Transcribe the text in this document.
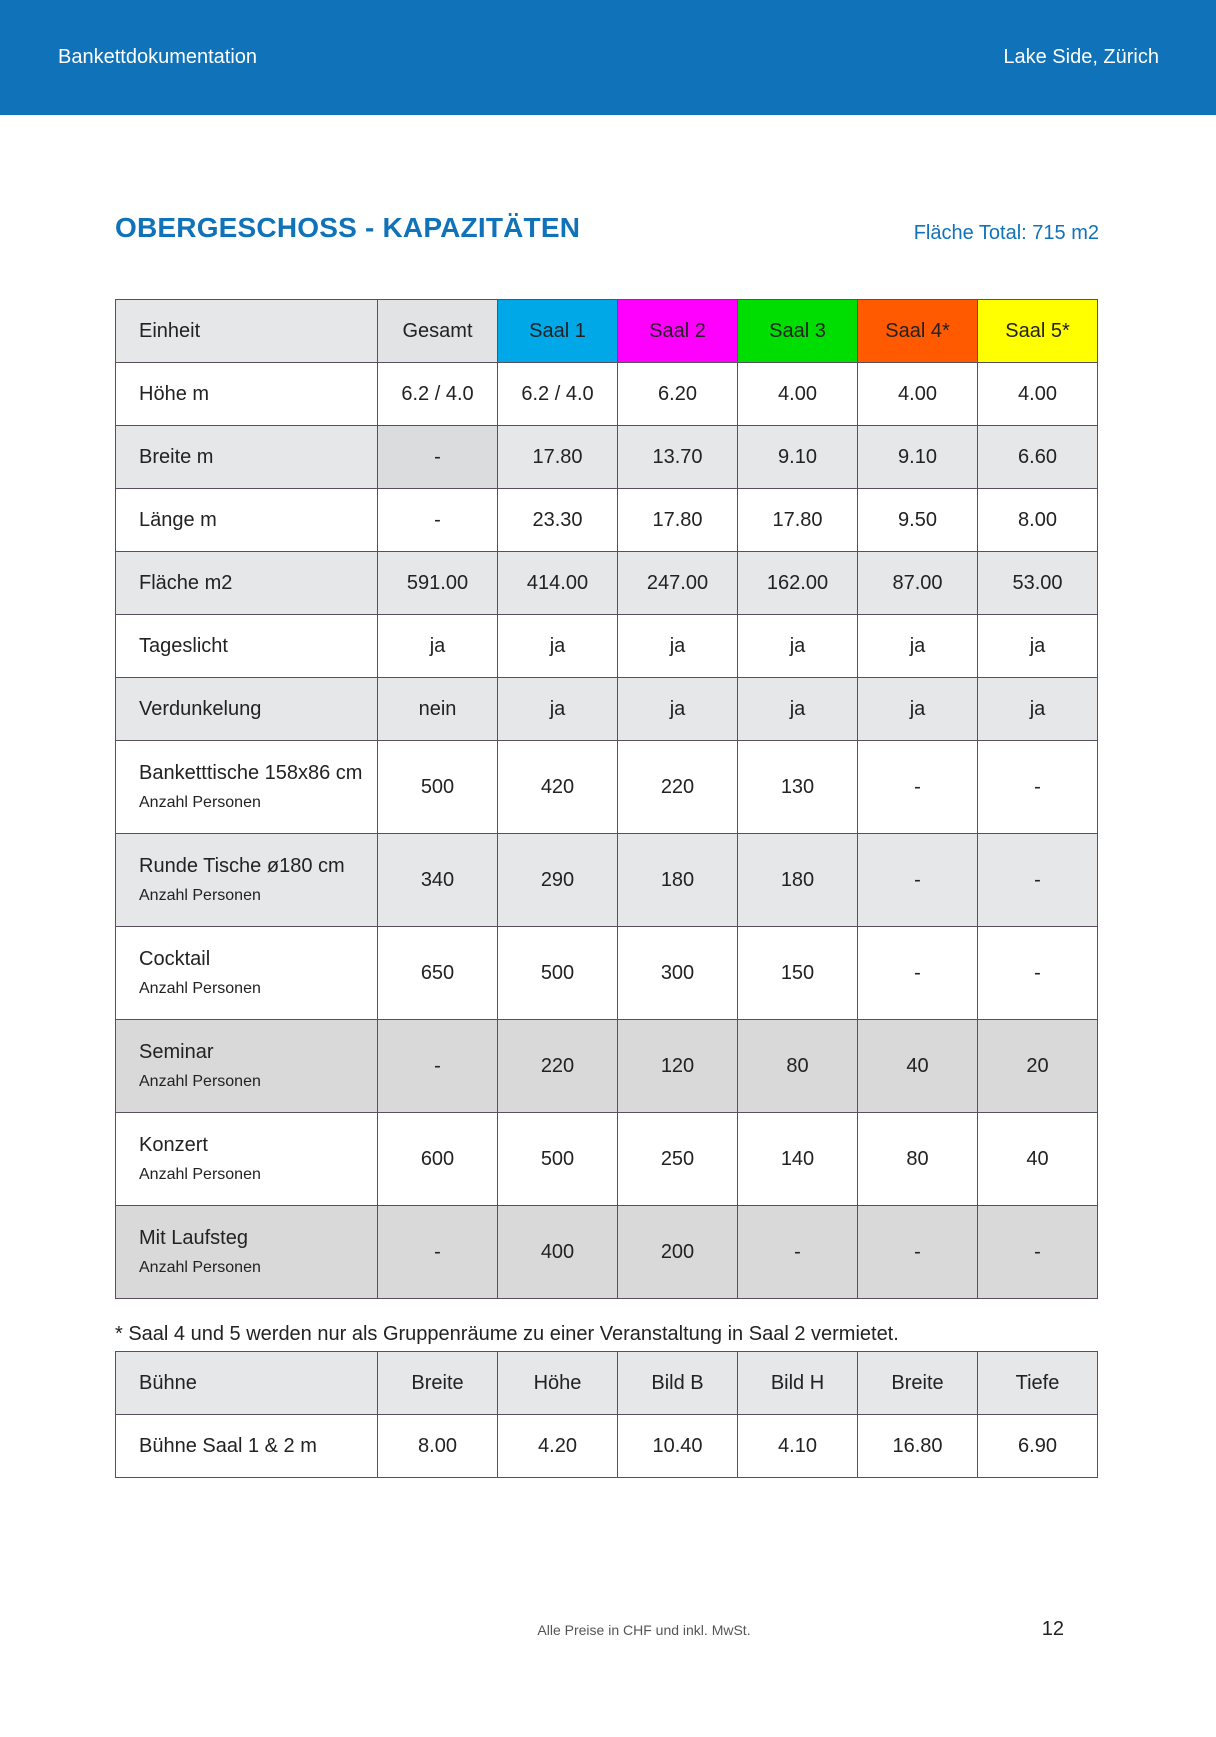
Bankettdokumentation	Lake Side, Zürich
OBERGESCHOSS - KAPAZITÄTEN	Fläche Total: 715 m2
Einheit	Gesamt	Saal 1	Saal 2	Saal 3	Saal 4*	Saal 5*
Höhe m	6.2 / 4.0	6.2 / 4.0	6.20	4.00	4.00	4.00
Breite m	-	17.80	13.70	9.10	9.10	6.60
Länge m	-	23.30	17.80	17.80	9.50	8.00
Fläche m2	591.00	414.00	247.00	162.00	87.00	53.00
Tageslicht	ja	ja	ja	ja	ja	ja
Verdunkelung	nein	ja	ja	ja	ja	ja
Banketttische 158x86 cm
Anzahl Personen	500	420	220	130	-	-
Runde Tische ø180 cm
Anzahl Personen	340	290	180	180	-	-
Cocktail
Anzahl Personen	650	500	300	150	-	-
Seminar
Anzahl Personen	-	220	120	80	40	20
Konzert
Anzahl Personen	600	500	250	140	80	40
Mit Laufsteg
Anzahl Personen	-	400	200	-	-	-
* Saal 4 und 5 werden nur als Gruppenräume zu einer Veranstaltung in Saal 2 vermietet.
Bühne	Breite	Höhe	Bild B	Bild H	Breite	Tiefe
Bühne Saal 1 & 2 m	8.00	4.20	10.40	4.10	16.80	6.90
Alle Preise in CHF und inkl. MwSt.	12
